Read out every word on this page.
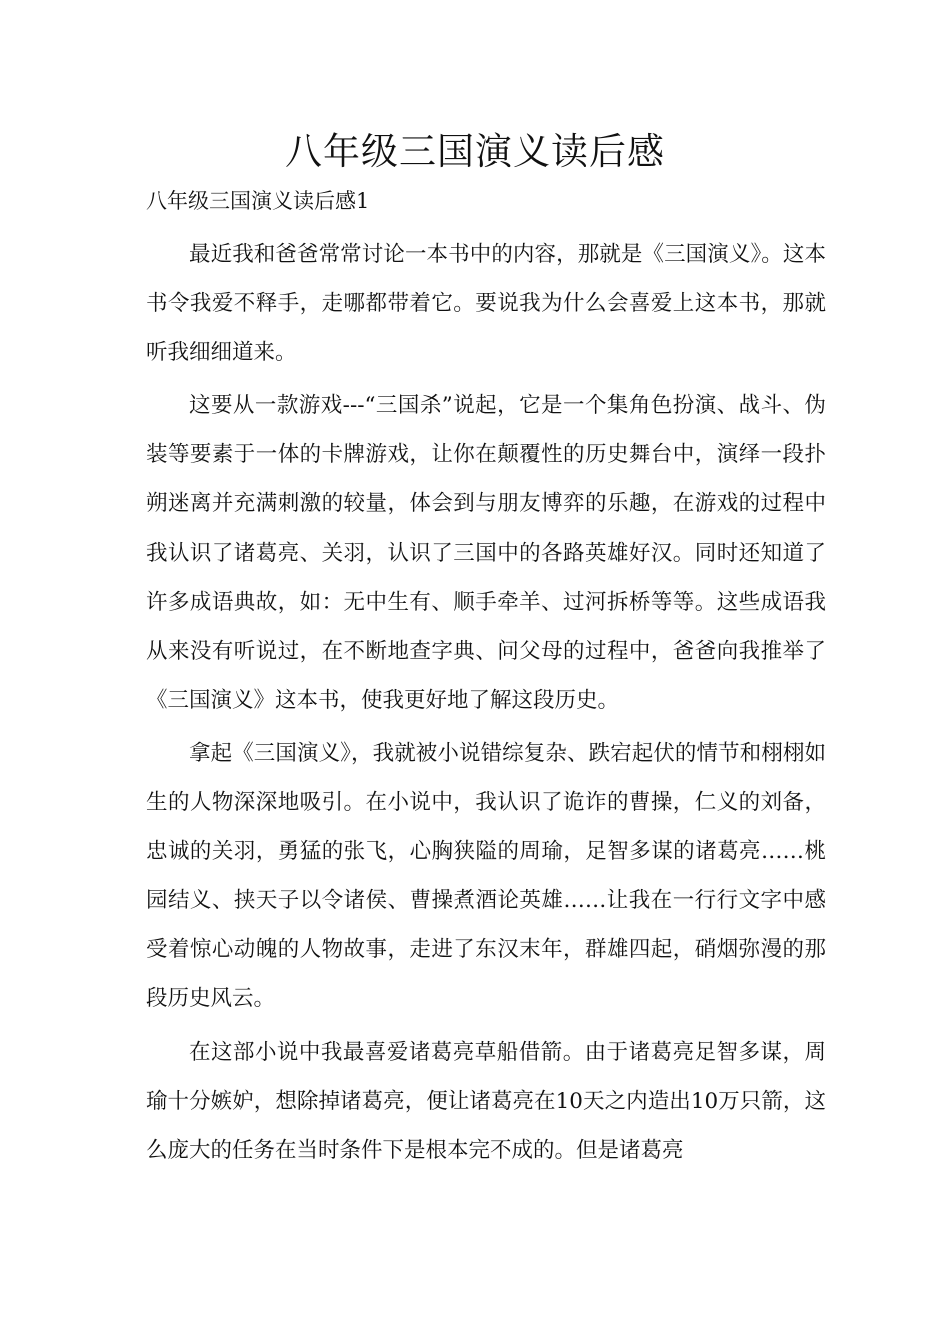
八年级三国演义读后感

八年级三国演义读后感1

最近我和爸爸常常讨论一本书中的内容，那就是《三国演义》。这本书令我爱不释手，走哪都带着它。要说我为什么会喜爱上这本书，那就听我细细道来。

这要从一款游戏---“三国杀”说起，它是一个集角色扮演、战斗、伪装等要素于一体的卡牌游戏，让你在颠覆性的历史舞台中，演绎一段扑朔迷离并充满刺激的较量，体会到与朋友博弈的乐趣，在游戏的过程中我认识了诸葛亮、关羽，认识了三国中的各路英雄好汉。同时还知道了许多成语典故，如：无中生有、顺手牵羊、过河拆桥等等。这些成语我从来没有听说过，在不断地查字典、问父母的过程中，爸爸向我推举了《三国演义》这本书，使我更好地了解这段历史。

拿起《三国演义》，我就被小说错综复杂、跌宕起伏的情节和栩栩如生的人物深深地吸引。在小说中，我认识了诡诈的曹操，仁义的刘备，忠诚的关羽，勇猛的张飞，心胸狭隘的周瑜，足智多谋的诸葛亮……桃园结义、挟天子以令诸侯、曹操煮酒论英雄……让我在一行行文字中感受着惊心动魄的人物故事，走进了东汉末年，群雄四起，硝烟弥漫的那段历史风云。

在这部小说中我最喜爱诸葛亮草船借箭。由于诸葛亮足智多谋，周瑜十分嫉妒，想除掉诸葛亮，便让诸葛亮在10天之内造出10万只箭，这么庞大的任务在当时条件下是根本完不成的。但是诸葛亮
